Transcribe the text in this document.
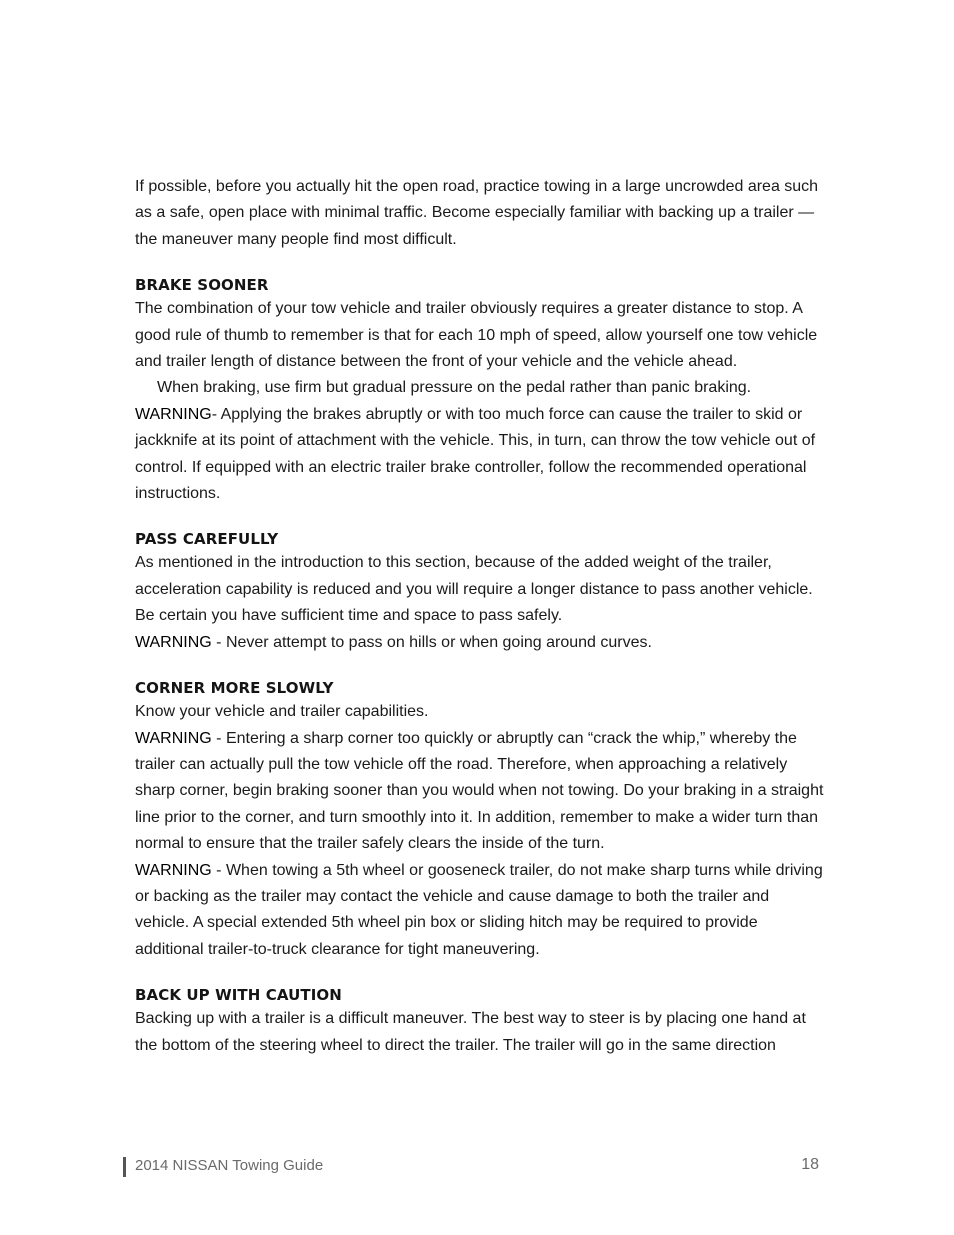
If possible, before you actually hit the open road, practice towing in a large uncrowded area such as a safe, open place with minimal traffic. Become especially familiar with backing up a trailer — the maneuver many people find most difficult.

BRAKE SOONER

The combination of your tow vehicle and trailer obviously requires a greater distance to stop. A good rule of thumb to remember is that for each 10 mph of speed, allow yourself one tow vehicle and trailer length of distance between the front of your vehicle and the vehicle ahead.

When braking, use firm but gradual pressure on the pedal rather than panic braking.

WARNING- Applying the brakes abruptly or with too much force can cause the trailer to skid or jackknife at its point of attachment with the vehicle. This, in turn, can throw the tow vehicle out of control. If equipped with an electric trailer brake controller, follow the recommended operational instructions.

PASS CAREFULLY

As mentioned in the introduction to this section, because of the added weight of the trailer, acceleration capability is reduced and you will require a longer distance to pass another vehicle. Be certain you have sufficient time and space to pass safely.

WARNING - Never attempt to pass on hills or when going around curves.

CORNER MORE SLOWLY

Know your vehicle and trailer capabilities.

WARNING - Entering a sharp corner too quickly or abruptly can “crack the whip,” whereby the trailer can actually pull the tow vehicle off the road. Therefore, when approaching a relatively sharp corner, begin braking sooner than you would when not towing. Do your braking in a straight line prior to the corner, and turn smoothly into it. In addition, remember to make a wider turn than normal to ensure that the trailer safely clears the inside of the turn.

WARNING - When towing a 5th wheel or gooseneck trailer, do not make sharp turns while driving or backing as the trailer may contact the vehicle and cause damage to both the trailer and vehicle. A special extended 5th wheel pin box or sliding hitch may be required to provide additional trailer-to-truck clearance for tight maneuvering.

BACK UP WITH CAUTION

Backing up with a trailer is a difficult maneuver. The best way to steer is by placing one hand at the bottom of the steering wheel to direct the trailer. The trailer will go in the same direction

2014 NISSAN Towing Guide	18
